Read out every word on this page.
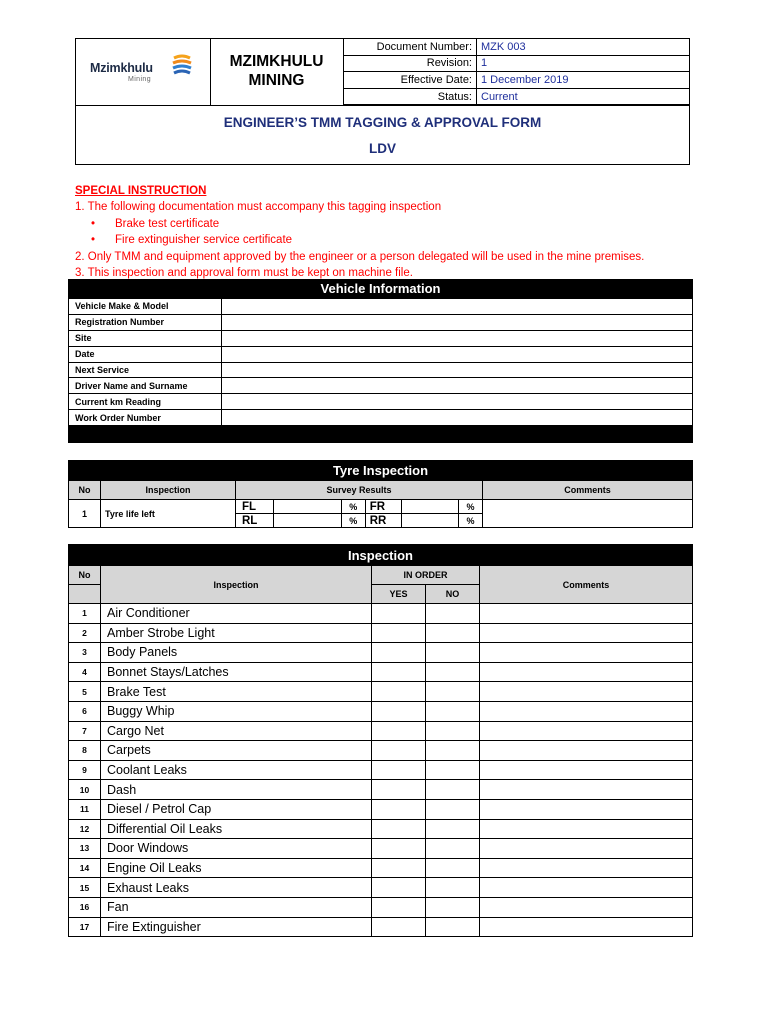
Mzimkhulu
Mining
MZIMKHULU
MINING
Document Number:	MZK 003
Revision:	1
Effective Date:	1 December 2019
Status:	Current
ENGINEER’S TMM TAGGING & APPROVAL FORM
LDV
SPECIAL INSTRUCTION
1. The following documentation must accompany this tagging inspection
• Brake test certificate
• Fire extinguisher service certificate
2. Only TMM and equipment approved by the engineer or a person delegated will be used in the mine premises.
3. This inspection and approval form must be kept on machine file.
Vehicle Information
Vehicle Make & Model	
Registration Number	
Site	
Date	
Next Service	
Driver Name and Surname	
Current km Reading	
Work Order Number	
Tyre Inspection
No	Inspection	Survey Results						Comments
1	Tyre life left	FL		%	FR		%	
		RL		%	RR		%	
Inspection
No	Inspection	IN ORDER		Comments
		YES	NO	
1	Air Conditioner			
2	Amber Strobe Light			
3	Body Panels			
4	Bonnet Stays/Latches			
5	Brake Test			
6	Buggy Whip			
7	Cargo Net			
8	Carpets			
9	Coolant Leaks			
10	Dash			
11	Diesel / Petrol Cap			
12	Differential Oil Leaks			
13	Door Windows			
14	Engine Oil Leaks			
15	Exhaust Leaks			
16	Fan			
17	Fire Extinguisher			
